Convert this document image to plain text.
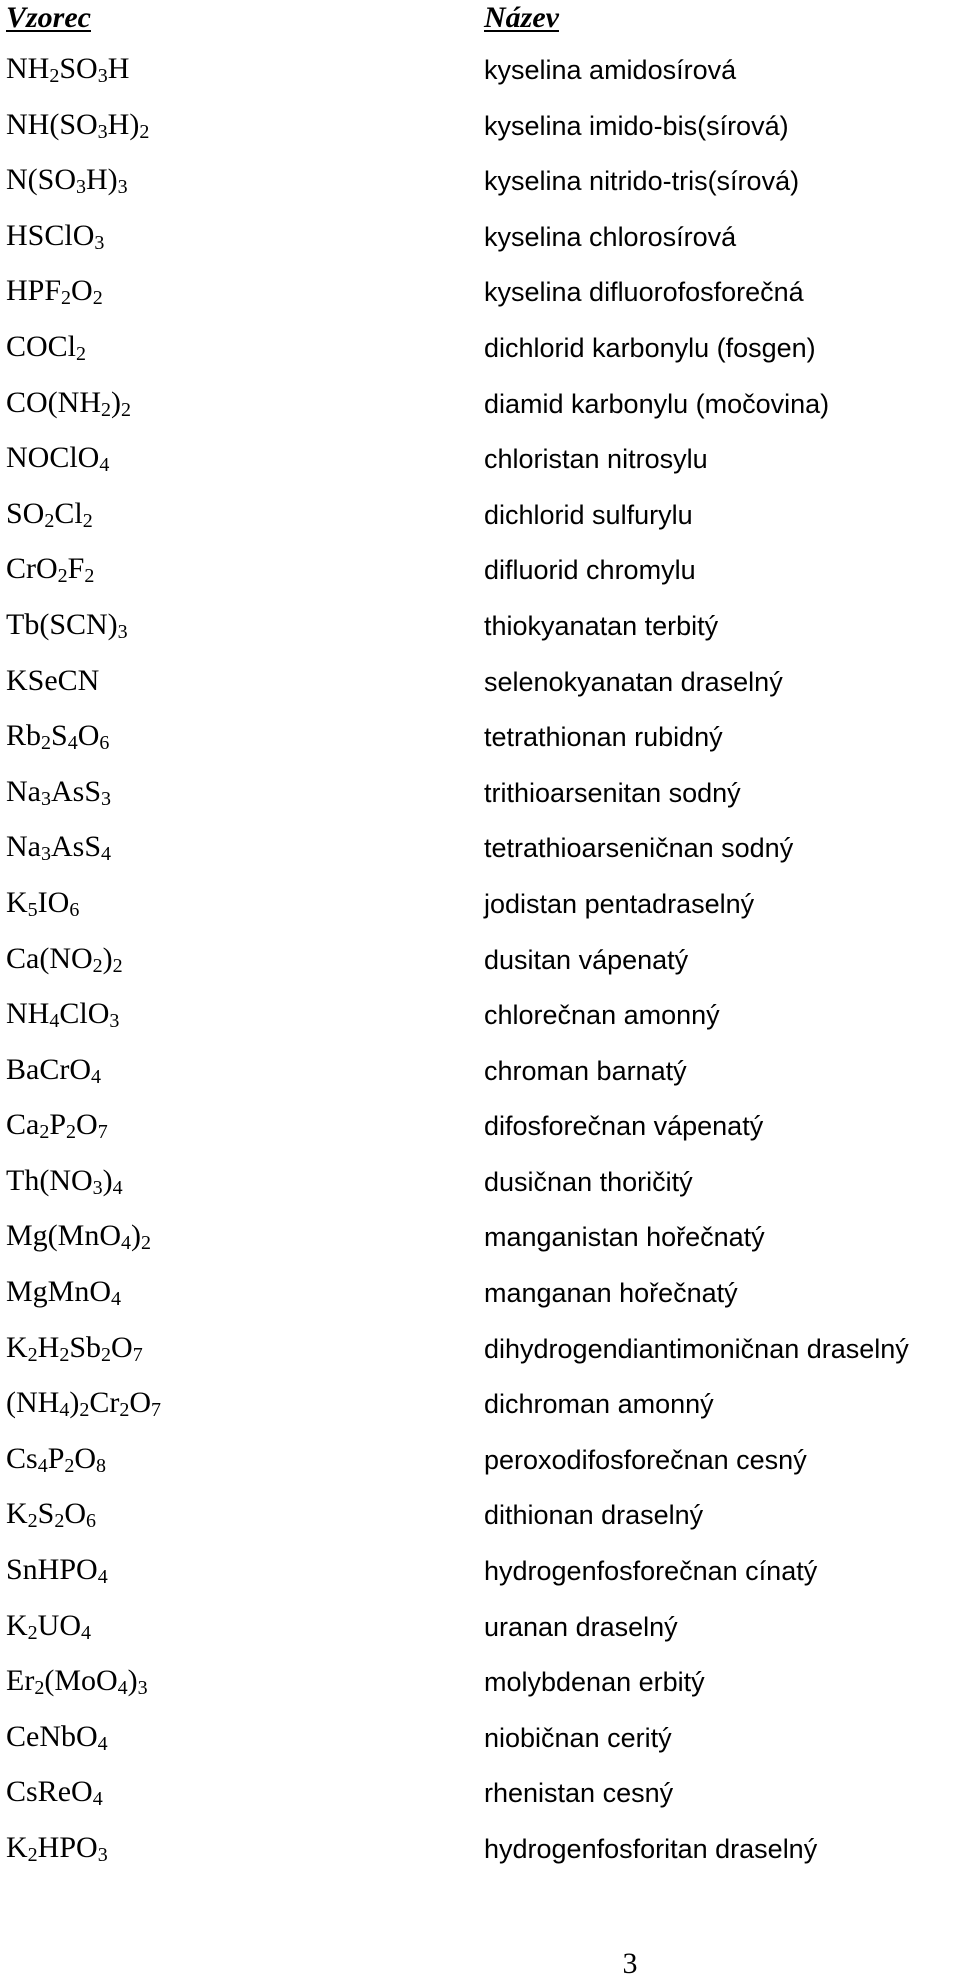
Vzorec	Název
$NH_2SO_3H$	kyselina amidosírová
$NH(SO_3H)_2$	kyselina imido-bis(sírová)
$N(SO_3H)_3$	kyselina nitrido-tris(sírová)
HSClO$_3$	kyselina chlorosírová
$HPF_2O_2$	kyselina difluorofosforečná
COCl$_2$	dichlorid karbonylu (fosgen)
$CO(NH_2)_2$	diamid karbonylu (močovina)
NOClO$_4$	chloristan nitrosylu
$SO_2Cl_2$	dichlorid sulfurylu
$CrO_2F_2$	difluorid chromylu
$Tb(SCN)_3$	thiokyanatan terbitý
KSeCN	selenokyanatan draselný
$Rb_2S_4O_6$	tetrathionan rubidný
$Na_3AsS_3$	trithioarsenitan sodný
$Na_3AsS_4$	tetrathioarseničnan sodný
$K_5IO_6$	jodistan pentadraselný
$Ca(NO_2)_2$	dusitan vápenatý
$NH_4ClO_3$	chlorečnan amonný
BaCrO$_4$	chroman barnatý
$Ca_2P_2O_7$	difosforečnan vápenatý
$Th(NO_3)_4$	dusičnan thoričitý
$Mg(MnO_4)_2$	manganistan hořečnatý
MgMnO$_4$	manganan hořečnatý
$K_2H_2Sb_2O_7$	dihydrogendiantimoničnan draselný
$(NH_4)_2Cr_2O_7$	dichroman amonný
$Cs_4P_2O_8$	peroxodifosforečnan cesný
$K_2S_2O_6$	dithionan draselný
SnHPO$_4$	hydrogenfosforečnan cínatý
$K_2UO_4$	uranan draselný
$Er_2(MoO_4)_3$	molybdenan erbitý
CeNbO$_4$	niobičnan ceritý
CsReO$_4$	rhenistan cesný
$K_2HPO_3$	hydrogenfosforitan draselný
3
